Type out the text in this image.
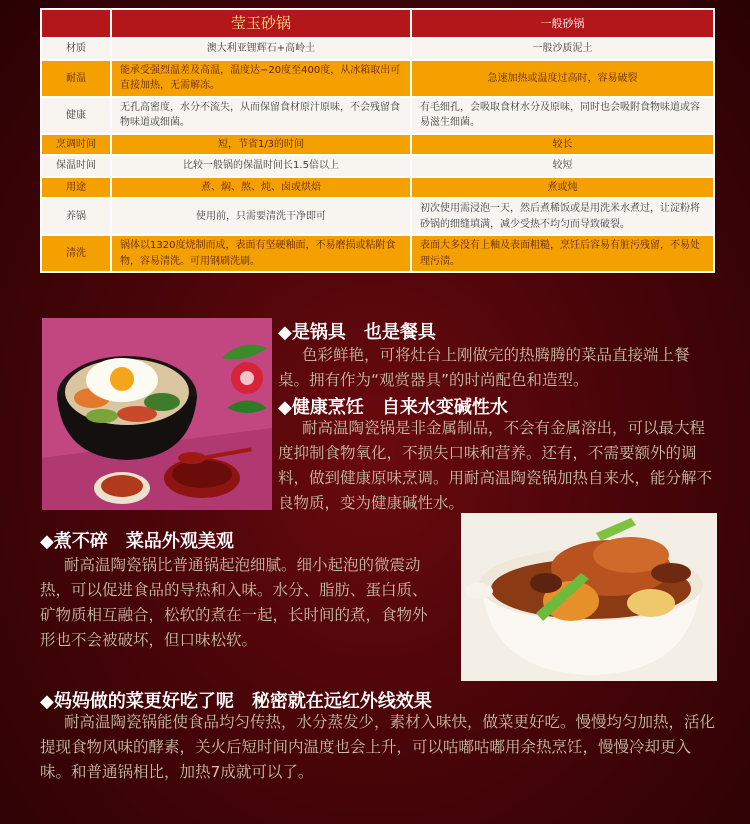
	莹玉砂锅	一般砂锅
材质	澳大利亚锂辉石+高岭土	一般沙质泥土
耐温	能承受强烈温差及高温，温度达−20度至400度，从冰箱取出可直接加热，无需解冻。	急速加热或温度过高时，容易破裂
健康	无孔高密度，水分不流失，从而保留食材原汁原味，不会残留食物味道或细菌。	有毛细孔，会吸取食材水分及原味，同时也会吸附食物味道或容易滋生细菌。
烹调时间	短，节省1/3的时间	较长
保温时间	比较一般锅的保温时间长1.5倍以上	较短
用途	煮、焖、熬、炖、卤或烘焙	煮或炖
养锅	使用前，只需要清洗干净即可	初次使用需浸泡一天，然后煮稀饭或是用洗米水煮过，让淀粉将砂锅的细缝填满，减少受热不均匀而导致破裂。
清洗	锅体以1320度烧制而成，表面有坚硬釉面，不易磨损或粘附食物，容易清洗。可用钢刷洗刷。	表面大多没有上釉及表面粗糙，烹饪后容易有脏污残留，不易处理污渍。
◆是锅具　也是餐具

色彩鲜艳，可将灶台上刚做完的热腾腾的菜品直接端上餐桌。拥有作为“观赏器具”的时尚配色和造型。

◆健康烹饪　自来水变碱性水

耐高温陶瓷锅是非金属制品，不会有金属溶出，可以最大程度抑制食物氧化，不损失口味和营养。还有，不需要额外的调料，做到健康原味烹调。用耐高温陶瓷锅加热自来水，能分解不良物质，变为健康碱性水。

◆煮不碎　菜品外观美观

耐高温陶瓷锅比普通锅起泡细腻。细小起泡的微震动热，可以促进食品的导热和入味。水分、脂肪、蛋白质、矿物质相互融合，松软的煮在一起，长时间的煮，食物外形也不会被破坏，但口味松软。

◆妈妈做的菜更好吃了呢　秘密就在远红外线效果

耐高温陶瓷锅能使食品均匀传热，水分蒸发少，素材入味快，做菜更好吃。慢慢均匀加热，活化提现食物风味的酵素，关火后短时间内温度也会上升，可以咕嘟咕嘟用余热烹饪，慢慢冷却更入味。和普通锅相比，加热7成就可以了。
